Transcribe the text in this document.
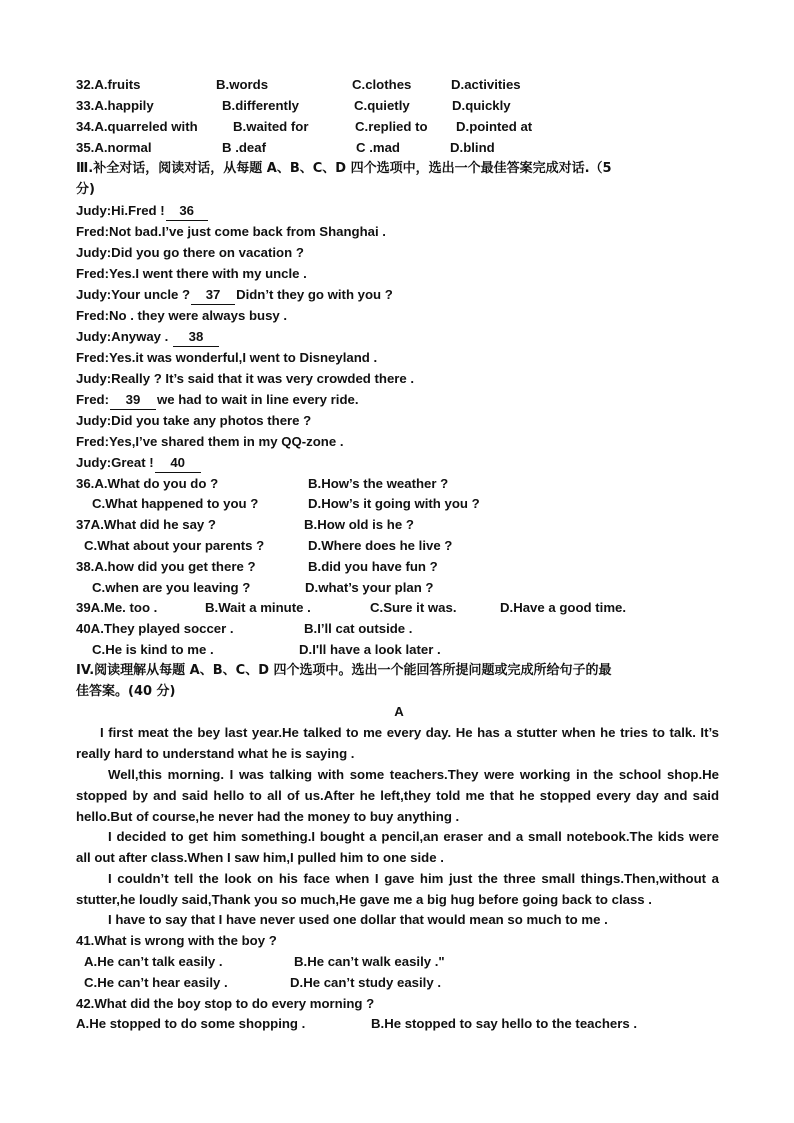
32.A.fruits	B.words	C.clothes	D.activities
33.A.happily	B.differently	C.quietly	D.quickly
34.A.quarreled with	B.waited for	C.replied to D.pointed at
35.A.normal	B .deaf	C .mad	D.blind
Ⅲ.补全对话，阅读对话，从每题 A、B、C、D 四个选项中，选出一个最佳答案完成对话.（5
分)
Judy:Hi.Fred ! 36
Fred:Not bad.I’ve just come back from Shanghai .
Judy:Did you go there on vacation ?
Fred:Yes.I went there with my uncle .
Judy:Your uncle ? 37 Didn’t they go with you ?
Fred:No . they were always busy .
Judy:Anyway . 38
Fred:Yes.it was wonderful,I went to Disneyland .
Judy:Really ? It’s said that it was very crowded there .
Fred: 39 we had to wait in line every ride.
Judy:Did you take any photos there ?
Fred:Yes,I’ve shared them in my QQ-zone .
Judy:Great ! 40
36.A.What do you do ?	B.How’s the weather ?
C.What happened to you ?	D.How’s it going with you ?
37A.What did he say ?	B.How old is he ?
C.What about your parents ?	D.Where does he live ?
38.A.how did you get there ?	B.did you have fun ?
C.when are you leaving ?	D.what’s your plan ?
39A.Me. too .	B.Wait a minute .	C.Sure it was.	D.Have a good time.
40A.They played soccer .	B.I’ll cat outside .
C.He is kind to me .	D.I'll have a look later .
IV.阅读理解从每题 A、B、C、D 四个选项中。选出一个能回答所提问题或完成所给句子的最
佳答案。(40 分)
A
I first meat the bey last year.He talked to me every day. He has a stutter when he tries to talk. It’s really hard to understand what he is saying .
Well,this morning. I was talking with some teachers.They were working in the school shop.He stopped by and said hello to all of us.After he left,they told me that he stopped every day and said hello.But of course,he never had the money to buy anything .
I decided to get him something.I bought a pencil,an eraser and a small notebook.The kids were all out after class.When I saw him,I pulled him to one side .
I couldn’t tell the look on his face when I gave him just the three small things.Then,without a stutter,he loudly said,Thank you so much,He gave me a big hug before going back to class .
I have to say that I have never used one dollar that would mean so much to me .
41.What is wrong with the boy ?
A.He can’t talk easily .	B.He can’t walk easily ."
C.He can’t hear easily .	D.He can’t study easily .
42.What did the boy stop to do every morning ?
A.He stopped to do some shopping .	B.He stopped to say hello to the teachers .
